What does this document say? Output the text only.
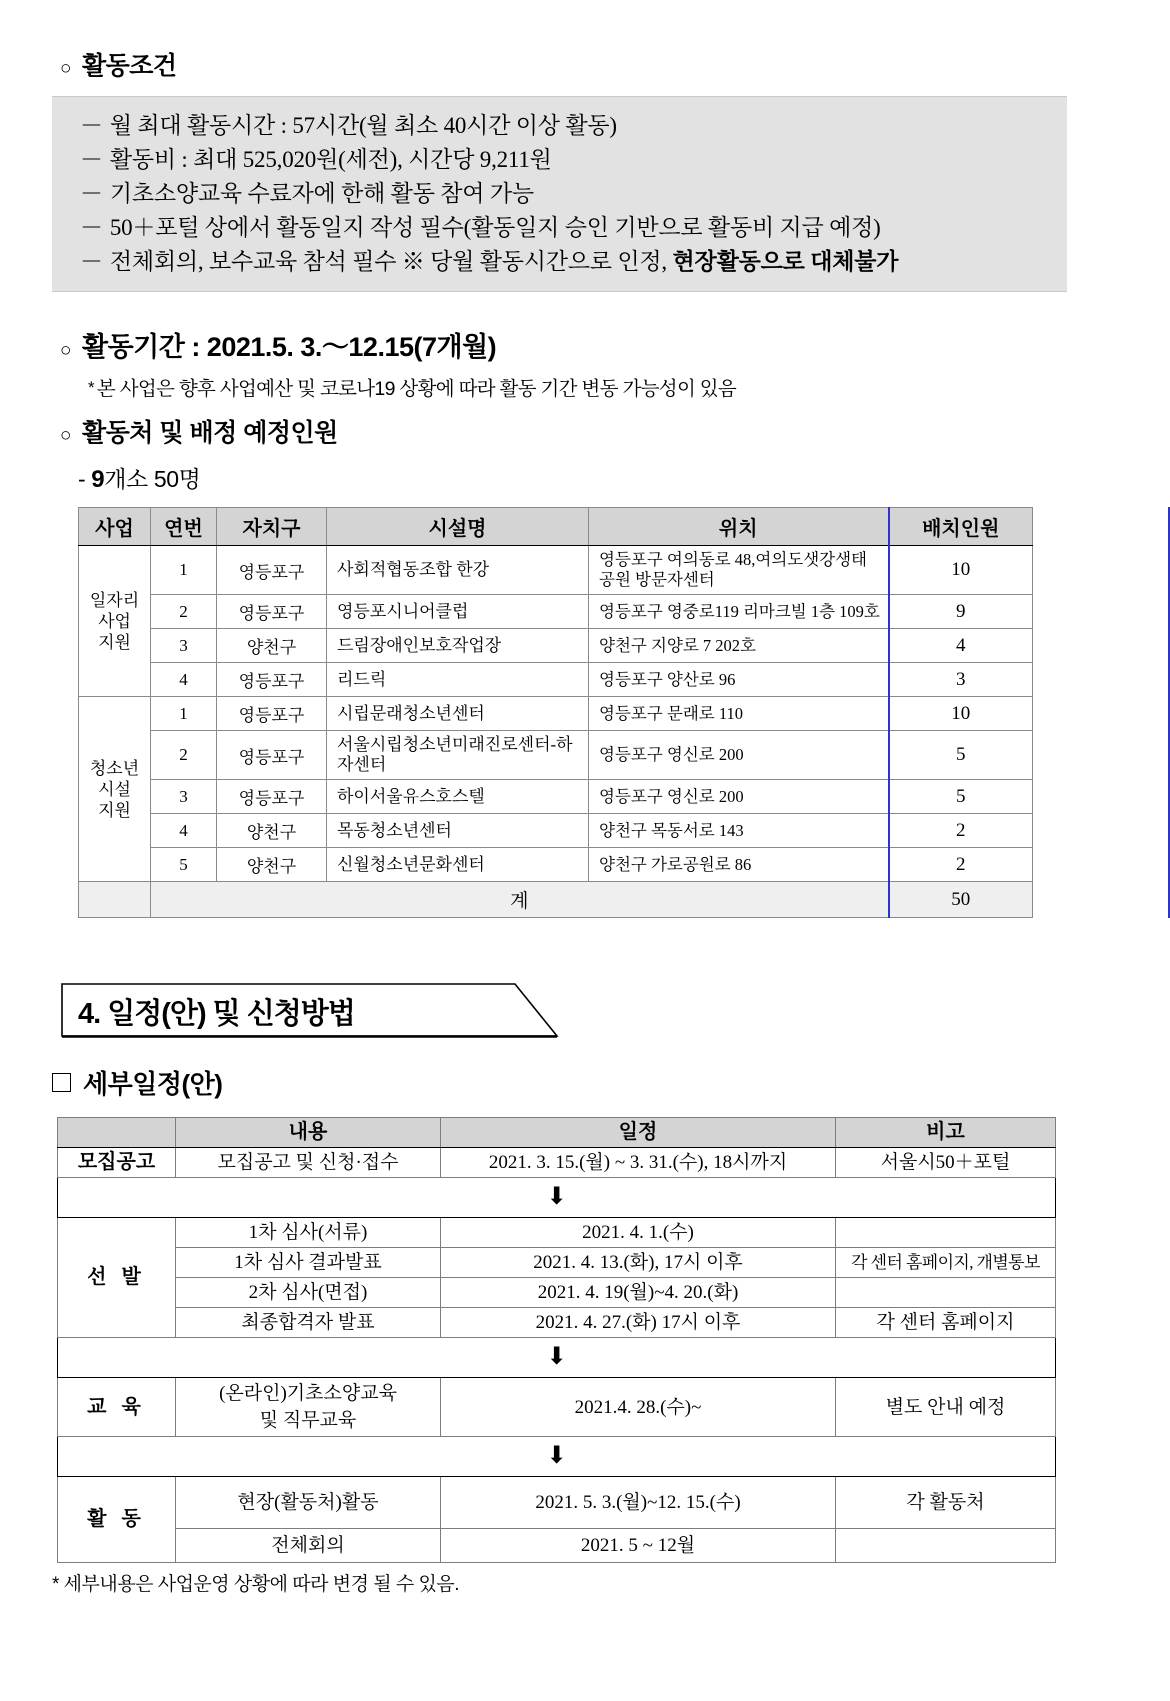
○ 활동조건
－ 월 최대 활동시간 : 57시간(월 최소 40시간 이상 활동)
－ 활동비 : 최대 525,020원(세전), 시간당 9,211원
－ 기초소양교육 수료자에 한해 활동 참여 가능
－ 50＋포털 상에서 활동일지 작성 필수(활동일지 승인 기반으로 활동비 지급 예정)
－ 전체회의, 보수교육 참석 필수 ※ 당월 활동시간으로 인정, 현장활동으로 대체불가
○ 활동기간 : 2021.5. 3.～12.15(7개월)
* 본 사업은 향후 사업예산 및 코로나19 상황에 따라 활동 기간 변동 가능성이 있음
○ 활동처 및 배정 예정인원
- 9개소 50명
사업	연번	자치구	시설명	위치	배치인원
일자리
사업
지원	1	영등포구	사회적협동조합 한강	영등포구 여의동로 48,여의도샛강생태공원 방문자센터	10
	2	영등포구	영등포시니어클럽	영등포구 영중로119 리마크빌 1층 109호	9
	3	양천구	드림장애인보호작업장	양천구 지양로 7 202호	4
	4	영등포구	리드릭	영등포구 양산로 96	3
청소년
시설
지원	1	영등포구	시립문래청소년센터	영등포구 문래로 110	10
	2	영등포구	서울시립청소년미래진로센터-하자센터	영등포구 영신로 200	5
	3	영등포구	하이서울유스호스텔	영등포구 영신로 200	5
	4	양천구	목동청소년센터	양천구 목동서로 143	2
	5	양천구	신월청소년문화센터	양천구 가로공원로 86	2
	계				50
4. 일정(안) 및 신청방법
세부일정(안)
	내용	일정	비고
모집공고	모집공고 및 신청·접수	2021. 3. 15.(월) ~ 3. 31.(수), 18시까지	서울시50＋포털
⬇			
선 발	1차 심사(서류)	2021. 4. 1.(수)	
	1차 심사 결과발표	2021. 4. 13.(화), 17시 이후	각 센터 홈페이지, 개별통보
	2차 심사(면접)	2021. 4. 19(월)~4. 20.(화)	
	최종합격자 발표	2021. 4. 27.(화) 17시 이후	각 센터 홈페이지
⬇			
교 육	(온라인)기초소양교육
및 직무교육	2021.4. 28.(수)~	별도 안내 예정
⬇			
활 동	현장(활동처)활동	2021. 5. 3.(월)~12. 15.(수)	각 활동처
	전체회의	2021. 5 ~ 12월	
* 세부내용은 사업운영 상황에 따라 변경 될 수 있음.
